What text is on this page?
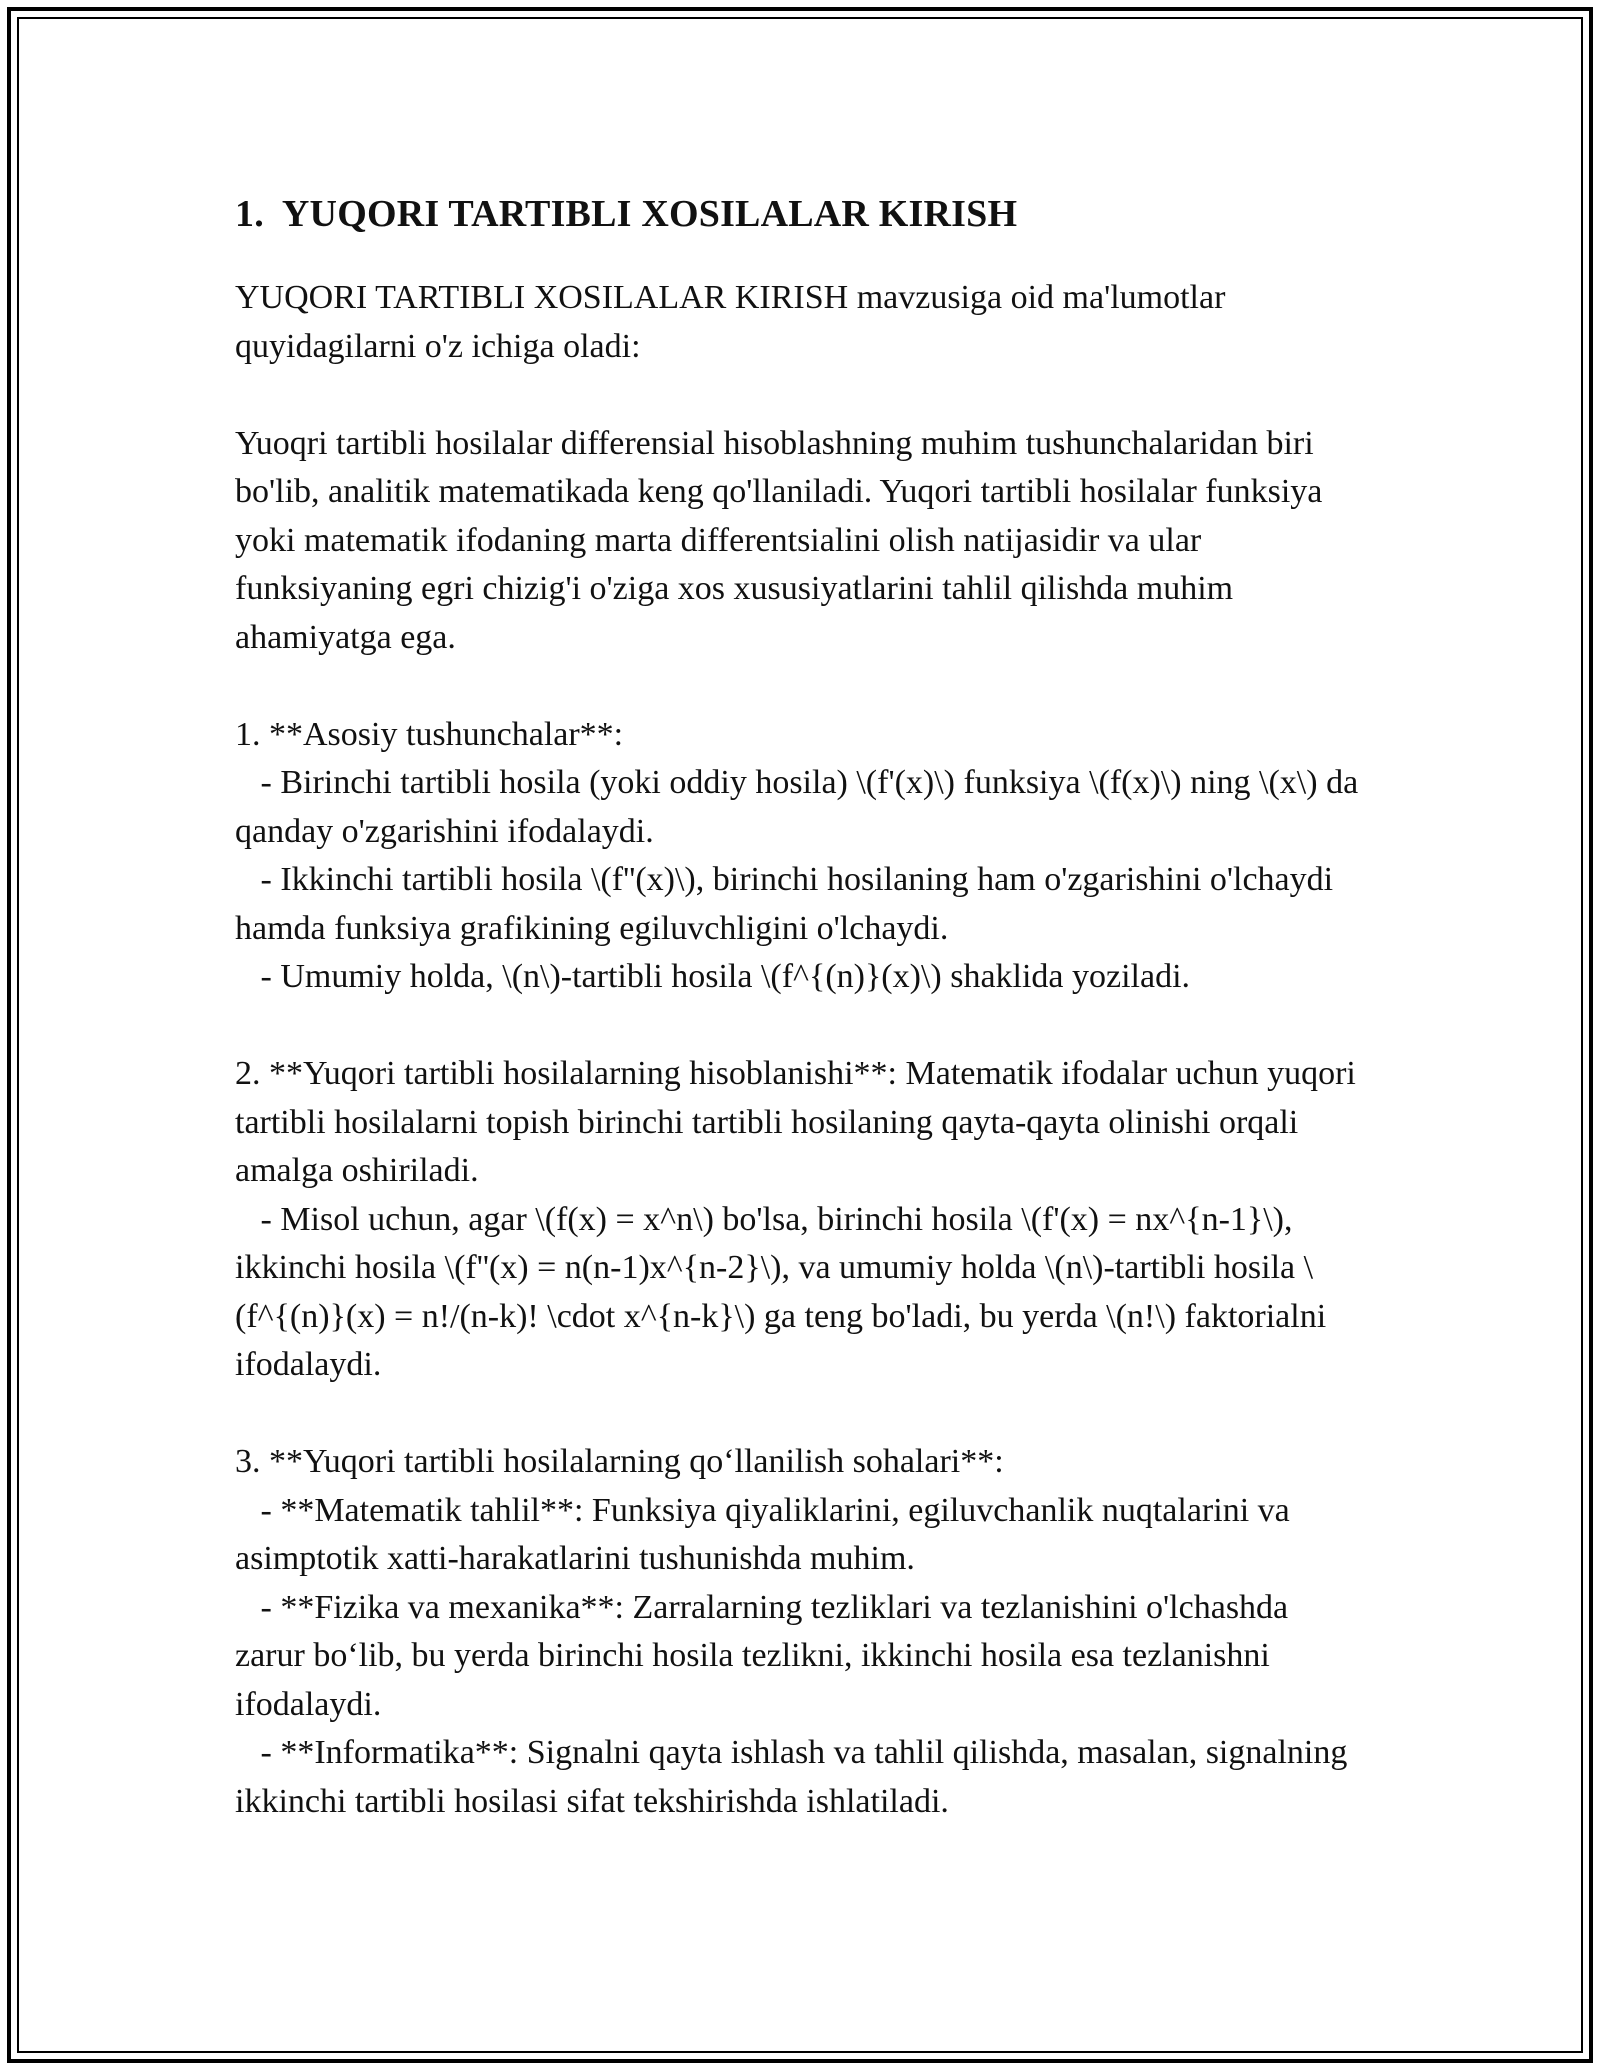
1. YUQORI TARTIBLI XOSILALAR KIRISH

YUQORI TARTIBLI XOSILALAR KIRISH mavzusiga oid ma'lumotlar quyidagilarni o'z ichiga oladi:

Yuoqri tartibli hosilalar differensial hisoblashning muhim tushunchalaridan biri bo'lib, analitik matematikada keng qo'llaniladi. Yuqori tartibli hosilalar funksiya yoki matematik ifodaning marta differentsialini olish natijasidir va ular funksiyaning egri chizig'i o'ziga xos xususiyatlarini tahlil qilishda muhim ahamiyatga ega.

1. **Asosiy tushunchalar**:

- Birinchi tartibli hosila (yoki oddiy hosila) \(f'(x)\) funksiya \(f(x)\) ning \(x\) da qanday o'zgarishini ifodalaydi.

- Ikkinchi tartibli hosila \(f''(x)\), birinchi hosilaning ham o'zgarishini o'lchaydi hamda funksiya grafikining egiluvchligini o'lchaydi.

- Umumiy holda, \(n\)-tartibli hosila \(f^{(n)}(x)\) shaklida yoziladi.

2. **Yuqori tartibli hosilalarning hisoblanishi**: Matematik ifodalar uchun yuqori tartibli hosilalarni topish birinchi tartibli hosilaning qayta-qayta olinishi orqali amalga oshiriladi.

- Misol uchun, agar \(f(x) = x^n\) bo'lsa, birinchi hosila \(f'(x) = nx^{n-1}\), ikkinchi hosila \(f''(x) = n(n-1)x^{n-2}\), va umumiy holda \(n\)-tartibli hosila \(f^{(n)}(x) = n!/(n-k)! \cdot x^{n-k}\) ga teng bo'ladi, bu yerda \(n!\) faktorialni ifodalaydi.

3. **Yuqori tartibli hosilalarning qo‘llanilish sohalari**:

- **Matematik tahlil**: Funksiya qiyaliklarini, egiluvchanlik nuqtalarini va asimptotik xatti-harakatlarini tushunishda muhim.

- **Fizika va mexanika**: Zarralarning tezliklari va tezlanishini o'lchashda zarur bo‘lib, bu yerda birinchi hosila tezlikni, ikkinchi hosila esa tezlanishni ifodalaydi.

- **Informatika**: Signalni qayta ishlash va tahlil qilishda, masalan, signalning ikkinchi tartibli hosilasi sifat tekshirishda ishlatiladi.
